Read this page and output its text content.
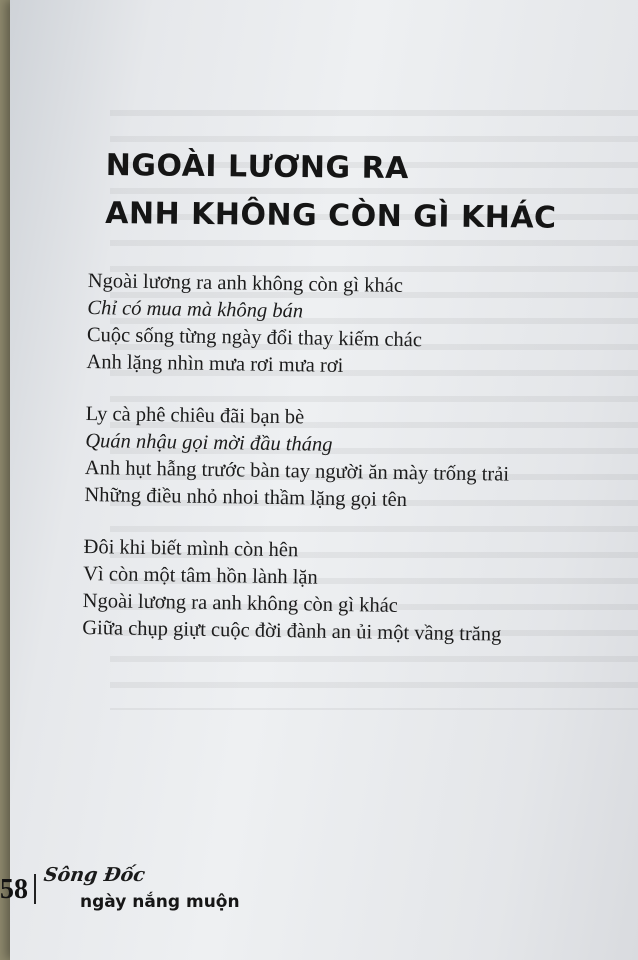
NGOÀI LƯƠNG RA
ANH KHÔNG CÒN GÌ KHÁC
Ngoài lương ra anh không còn gì khác
Chỉ có mua mà không bán
Cuộc sống từng ngày đổi thay kiếm chác
Anh lặng nhìn mưa rơi mưa rơi
Ly cà phê chiêu đãi bạn bè
Quán nhậu gọi mời đầu tháng
Anh hụt hẫng trước bàn tay người ăn mày trống trải
Những điều nhỏ nhoi thầm lặng gọi tên
Đôi khi biết mình còn hên
Vì còn một tâm hồn lành lặn
Ngoài lương ra anh không còn gì khác
Giữa chụp giựt cuộc đời đành an ủi một vầng trăng
58 Sông Đốc
ngày nắng muộn
